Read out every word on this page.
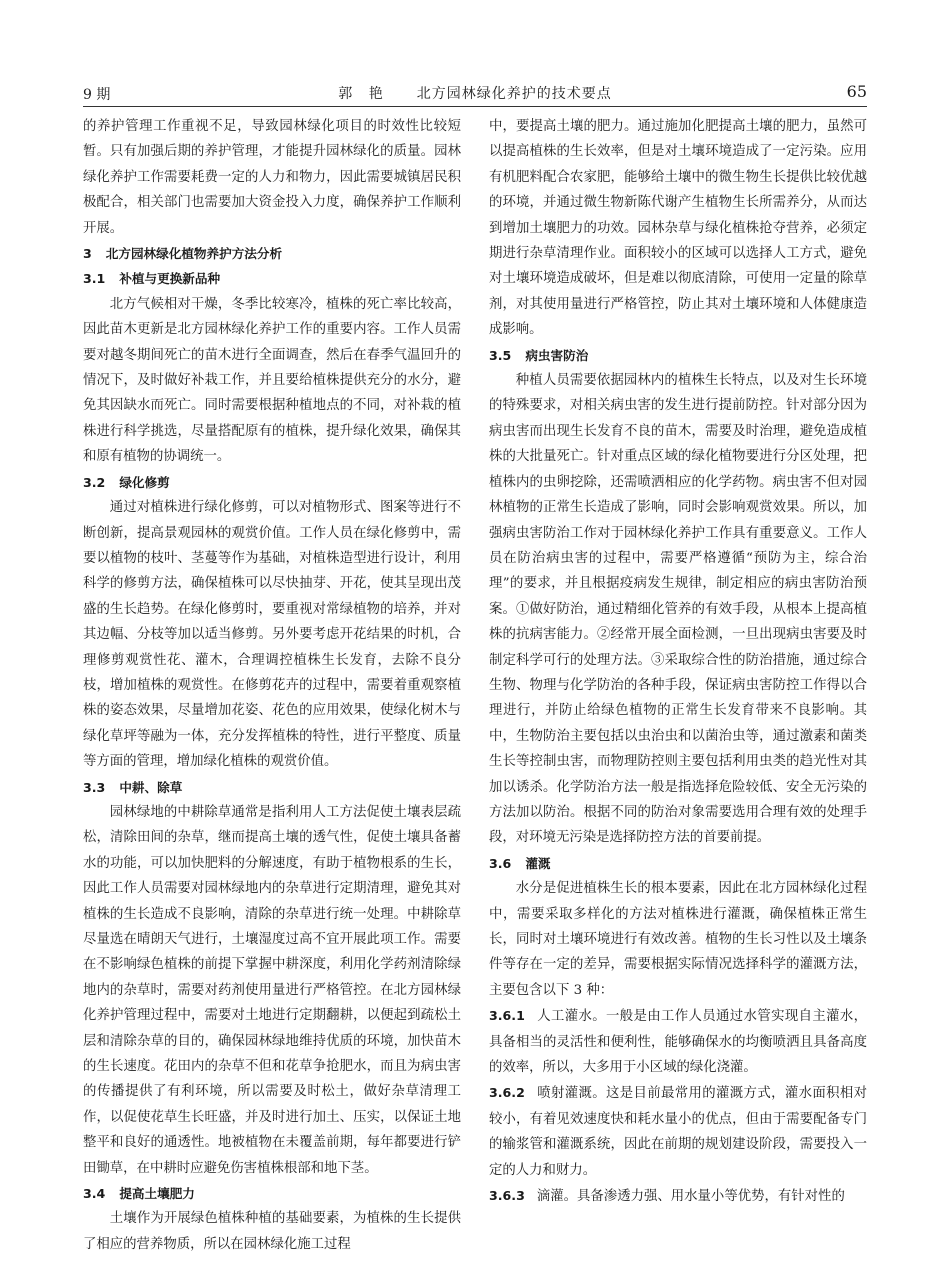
9 期	郭 艳 北方园林绿化养护的技术要点	65

的养护管理工作重视不足，导致园林绿化项目的时效性比较短暂。只有加强后期的养护管理，才能提升园林绿化的质量。园林绿化养护工作需要耗费一定的人力和物力，因此需要城镇居民积极配合，相关部门也需要加大资金投入力度，确保养护工作顺利开展。

3 北方园林绿化植物养护方法分析
3.1 补植与更换新品种

北方气候相对干燥，冬季比较寒冷，植株的死亡率比较高，因此苗木更新是北方园林绿化养护工作的重要内容。工作人员需要对越冬期间死亡的苗木进行全面调查，然后在春季气温回升的情况下，及时做好补栽工作，并且要给植株提供充分的水分，避免其因缺水而死亡。同时需要根据种植地点的不同，对补栽的植株进行科学挑选，尽量搭配原有的植株，提升绿化效果，确保其和原有植物的协调统一。

3.2 绿化修剪

通过对植株进行绿化修剪，可以对植物形式、图案等进行不断创新，提高景观园林的观赏价值。工作人员在绿化修剪中，需要以植物的枝叶、茎蔓等作为基础，对植株造型进行设计，利用科学的修剪方法，确保植株可以尽快抽芽、开花，使其呈现出茂盛的生长趋势。在绿化修剪时，要重视对常绿植物的培养，并对其边幅、分枝等加以适当修剪。另外要考虑开花结果的时机，合理修剪观赏性花、灌木，合理调控植株生长发育，去除不良分枝，增加植株的观赏性。在修剪花卉的过程中，需要着重观察植株的姿态效果，尽量增加花姿、花色的应用效果，使绿化树木与绿化草坪等融为一体，充分发挥植株的特性，进行平整度、质量等方面的管理，增加绿化植株的观赏价值。

3.3 中耕、除草

园林绿地的中耕除草通常是指利用人工方法促使土壤表层疏松，清除田间的杂草，继而提高土壤的透气性，促使土壤具备蓄水的功能，可以加快肥料的分解速度，有助于植物根系的生长，因此工作人员需要对园林绿地内的杂草进行定期清理，避免其对植株的生长造成不良影响，清除的杂草进行统一处理。中耕除草尽量选在晴朗天气进行，土壤湿度过高不宜开展此项工作。需要在不影响绿色植株的前提下掌握中耕深度，利用化学药剂清除绿地内的杂草时，需要对药剂使用量进行严格管控。在北方园林绿化养护管理过程中，需要对土地进行定期翻耕，以便起到疏松土层和清除杂草的目的，确保园林绿地维持优质的环境，加快苗木的生长速度。花田内的杂草不但和花草争抢肥水，而且为病虫害的传播提供了有利环境，所以需要及时松土，做好杂草清理工作，以促使花草生长旺盛，并及时进行加土、压实，以保证土地整平和良好的通透性。地被植物在未覆盖前期，每年都要进行铲田锄草，在中耕时应避免伤害植株根部和地下茎。

3.4 提高土壤肥力

土壤作为开展绿色植株种植的基础要素，为植株的生长提供了相应的营养物质，所以在园林绿化施工过程

中，要提高土壤的肥力。通过施加化肥提高土壤的肥力，虽然可以提高植株的生长效率，但是对土壤环境造成了一定污染。应用有机肥料配合农家肥，能够给土壤中的微生物生长提供比较优越的环境，并通过微生物新陈代谢产生植物生长所需养分，从而达到增加土壤肥力的功效。园林杂草与绿化植株抢夺营养，必须定期进行杂草清理作业。面积较小的区域可以选择人工方式，避免对土壤环境造成破坏，但是难以彻底清除，可使用一定量的除草剂，对其使用量进行严格管控，防止其对土壤环境和人体健康造成影响。

3.5 病虫害防治

种植人员需要依据园林内的植株生长特点，以及对生长环境的特殊要求，对相关病虫害的发生进行提前防控。针对部分因为病虫害而出现生长发育不良的苗木，需要及时治理，避免造成植株的大批量死亡。针对重点区域的绿化植物要进行分区处理，把植株内的虫卵挖除，还需喷洒相应的化学药物。病虫害不但对园林植物的正常生长造成了影响，同时会影响观赏效果。所以，加强病虫害防治工作对于园林绿化养护工作具有重要意义。工作人员在防治病虫害的过程中，需要严格遵循“预防为主，综合治理”的要求，并且根据疫病发生规律，制定相应的病虫害防治预案。①做好防治，通过精细化管养的有效手段，从根本上提高植株的抗病害能力。②经常开展全面检测，一旦出现病虫害要及时制定科学可行的处理方法。③采取综合性的防治措施，通过综合生物、物理与化学防治的各种手段，保证病虫害防控工作得以合理进行，并防止给绿色植物的正常生长发育带来不良影响。其中，生物防治主要包括以虫治虫和以菌治虫等，通过激素和菌类生长等控制虫害，而物理防控则主要包括利用虫类的趋光性对其加以诱杀。化学防治方法一般是指选择危险较低、安全无污染的方法加以防治。根据不同的防治对象需要选用合理有效的处理手段，对环境无污染是选择防控方法的首要前提。

3.6 灌溉

水分是促进植株生长的根本要素，因此在北方园林绿化过程中，需要采取多样化的方法对植株进行灌溉，确保植株正常生长，同时对土壤环境进行有效改善。植物的生长习性以及土壤条件等存在一定的差异，需要根据实际情况选择科学的灌溉方法，主要包含以下 3 种：

3.6.1 人工灌水。一般是由工作人员通过水管实现自主灌水，具备相当的灵活性和便利性，能够确保水的均衡喷洒且具备高度的效率，所以，大多用于小区域的绿化浇灌。

3.6.2 喷射灌溉。这是目前最常用的灌溉方式，灌水面积相对较小，有着见效速度快和耗水量小的优点，但由于需要配备专门的输浆管和灌溉系统，因此在前期的规划建设阶段，需要投入一定的人力和财力。

3.6.3 滴灌。具备渗透力强、用水量小等优势，有针对性的
